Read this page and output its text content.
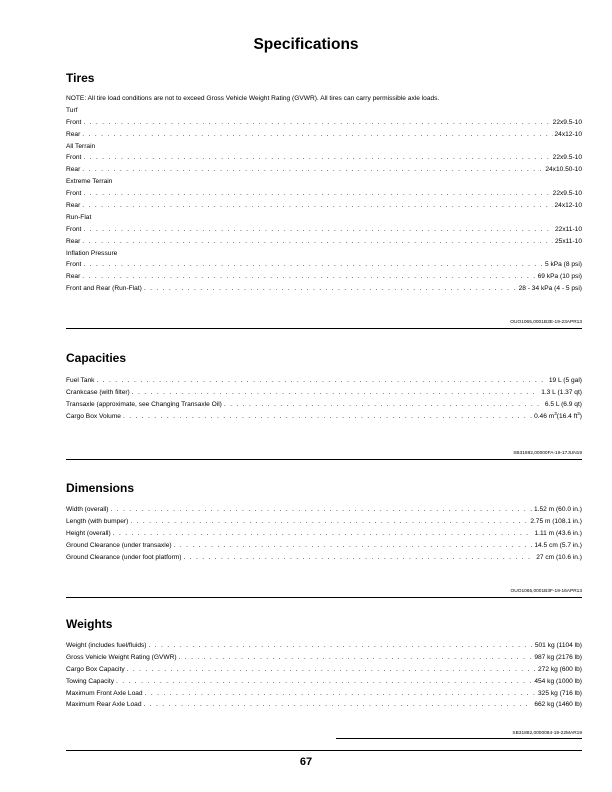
Specifications
Tires
NOTE: All tire load conditions are not to exceed Gross Vehicle Weight Rating (GVWR). All tires can carry permissible axle loads.
Turf
Front . . .	22x9.5-10
Rear . . .	24x12-10
All Terrain
Front . . .	22x9.5-10
Rear . . .	24x10.50-10
Extreme Terrain
Front . . .	22x9.5-10
Rear . . .	24x12-10
Run-Flat
Front . . .	22x11-10
Rear . . .	25x11-10
Inflation Pressure
Front . . .	5 kPa (8 psi)
Rear . . .	69 kPa (10 psi)
Front and Rear (Run-Flat) . . .	28 - 34 kPa (4 - 5 psi)
OUO1065,0001B3E-19-23APR13
Capacities
Fuel Tank . . .	19 L (5 gal)
Crankcase (with filter) . . .	1.3 L (1.37 qt)
Transaxle (approximate, see Changing Transaxle Oil) . . .	6.5 L (6.9 qt)
Cargo Box Volume . . .	0.46 $m^3(16.4$ $ft^3$)
SB31882,00000FA-19-17JUN19
Dimensions
Width (overall) . . .	1.52 m (60.0 in.)
Length (with bumper) . . .	2.75 m (108.1 in.)
Height (overall) . . .	1.11 m (43.6 in.)
Ground Clearance (under transaxle) . . .	14.5 cm (5.7 in.)
Ground Clearance (under foot platform) . . .	27 cm (10.6 in.)
OUO1065,0001B3F-19-16APR13
Weights
Weight (includes fuel/fluids) . . .	501 kg (1104 lb)
Gross Vehicle Weight Rating (GVWR) . . .	987 kg (2176 lb)
Cargo Box Capacity . . .	272 kg (600 lb)
Towing Capacity . . .	454 kg (1000 lb)
Maximum Front Axle Load . . .	325 kg (716 lb)
Maximum Rear Axle Load . . .	662 kg (1460 lb)
SB31882,0000084-19-22MAR19
67
